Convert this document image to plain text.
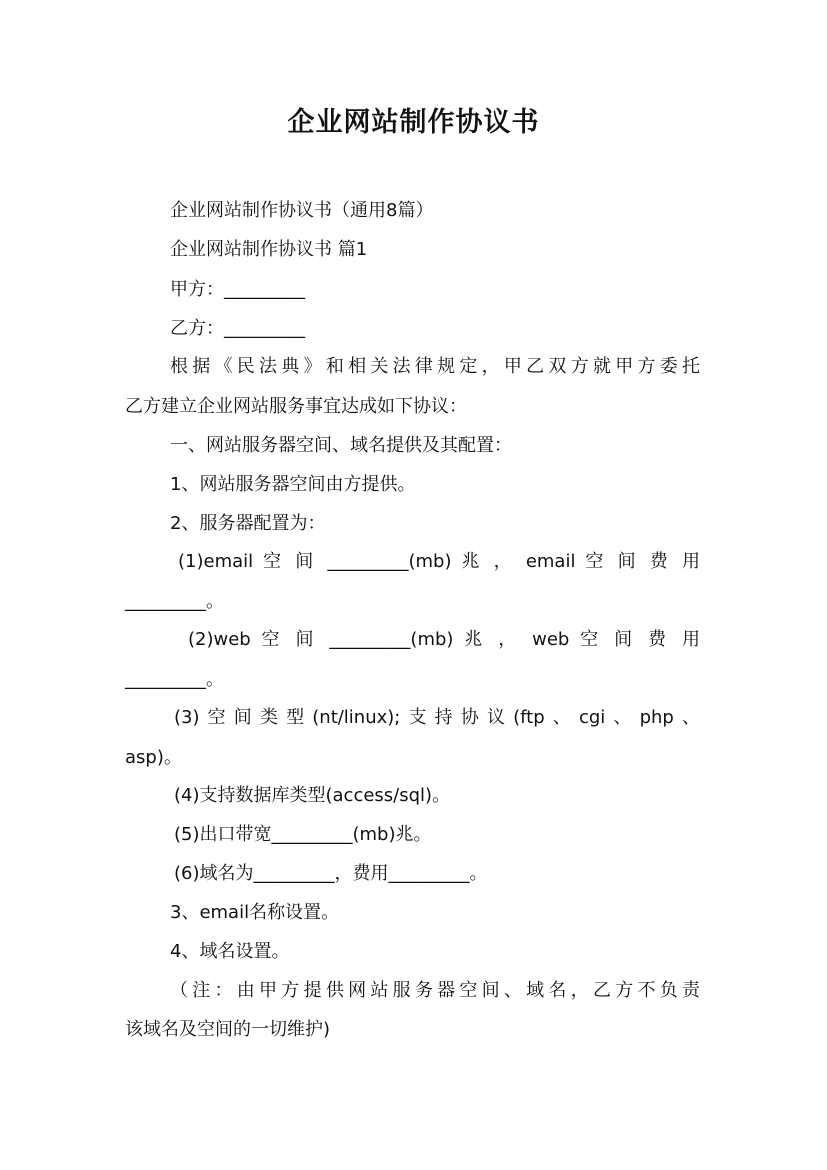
企业网站制作协议书
企业网站制作协议书（通用8篇）
企业网站制作协议书 篇1
甲方：_________
乙方：_________
根据《民法典》和相关法律规定，甲乙双方就甲方委托
乙方建立企业网站服务事宜达成如下协议：
一、网站服务器空间、域名提供及其配置：
1、网站服务器空间由方提供。
2、服务器配置为：
(1)email 空 间 _________(mb) 兆 ， email 空 间 费 用
_________。
(2)web 空 间 _________(mb) 兆 ， web 空 间 费 用
_________。
(3)空间类型(nt/linux);支持协议(ftp、cgi、php、
asp)。
(4)支持数据库类型(access/sql)。
(5)出口带宽_________(mb)兆。
(6)域名为_________，费用_________。
3、email名称设置。
4、域名设置。
（注：由甲方提供网站服务器空间、域名，乙方不负责
该域名及空间的一切维护)
